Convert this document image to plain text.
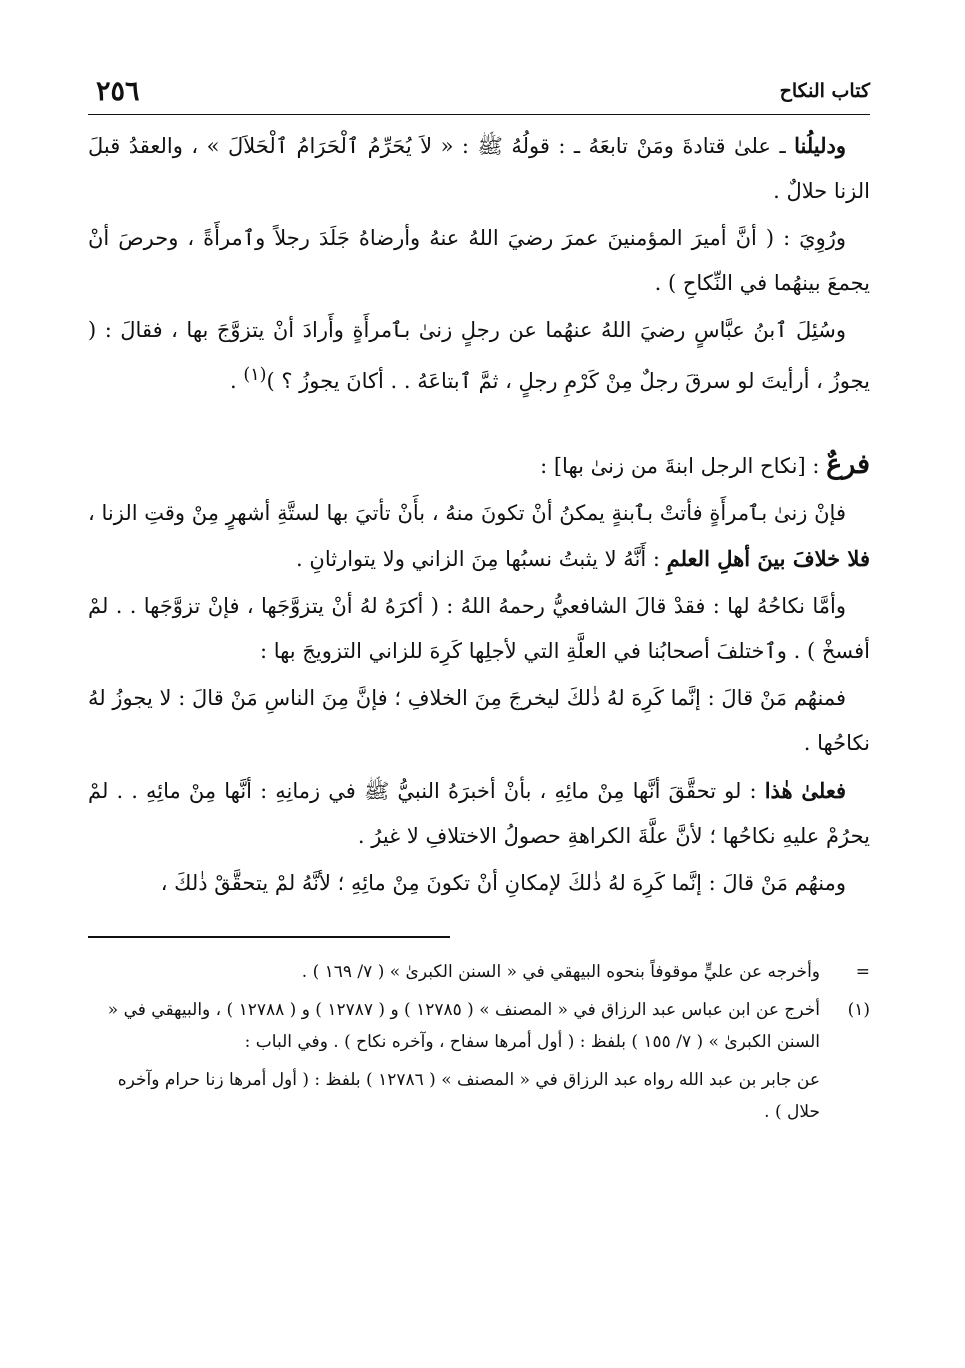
كتاب النكاح
٢٥٦

ودليلُنا ـ علىٰ قتادةَ ومَنْ تابعَهُ ـ : قولُهُ ﷺ : « لاَ يُحَرِّمُ ٱلْحَرَامُ ٱلْحَلاَلَ » ، والعقدُ قبلَ الزنا حلالٌ .

ورُوِيَ : ( أنَّ أميرَ المؤمنينَ عمرَ رضيَ اللهُ عنهُ وأرضاهُ جَلَدَ رجلاً وٱمرأَةً ، وحرصَ أنْ يجمعَ بينهُما في النِّكاحِ ) .

وسُئِلَ ٱبنُ عبَّاسٍ رضيَ اللهُ عنهُما عن رجلٍ زنىٰ بٱمرأَةٍ وأَرادَ أنْ يتزوَّجَ بها ، فقالَ : ( يجوزُ ، أرأيتَ لو سرقَ رجلٌ مِنْ كَرْمِ رجلٍ ، ثمَّ ٱبتاعَهُ . . أكانَ يجوزُ ؟ )$^{(١)}$ .

فرعٌ : [نكاح الرجل ابنةَ من زنىٰ بها] :

فإنْ زنىٰ بٱمرأَةٍ فأتتْ بٱبنةٍ يمكنُ أنْ تكونَ منهُ ، بأَنْ تأتيَ بها لستَّةِ أشهرٍ مِنْ وقتِ الزنا ، فلا خلافَ بينَ أهلِ العلمِ : أَنَّهُ لا يثبتُ نسبُها مِنَ الزاني ولا يتوارثانِ .

وأمَّا نكاحُهُ لها : فقدْ قالَ الشافعيُّ رحمهُ اللهُ : ( أكرَهُ لهُ أنْ يتزوَّجَها ، فإنْ تزوَّجَها . . لمْ أفسخْ ) . وٱختلفَ أصحابُنا في العلَّةِ التي لأجلِها كَرِهَ للزاني التزويجَ بها :

فمنهُم مَنْ قالَ : إنَّما كَرِهَ لهُ ذٰلكَ ليخرجَ مِنَ الخلافِ ؛ فإنَّ مِنَ الناسِ مَنْ قالَ : لا يجوزُ لهُ نكاحُها .

فعلىٰ هٰذا : لو تحقَّقَ أنَّها مِنْ مائِهِ ، بأنْ أخبرَهُ النبيُّ ﷺ في زمانِهِ : أنَّها مِنْ مائِهِ . . لمْ يحرُمْ عليهِ نكاحُها ؛ لأنَّ علَّةَ الكراهةِ حصولُ الاختلافِ لا غيرُ .

ومنهُم مَنْ قالَ : إنَّما كَرِهَ لهُ ذٰلكَ لإمكانِ أنْ تكونَ مِنْ مائِهِ ؛ لأنَّهُ لمْ يتحقَّقْ ذٰلكَ ،

=

وأخرجه عن عليٍّ موقوفاً بنحوه البيهقي في « السنن الكبرىٰ » ( ٧/ ١٦٩ ) .

(١)

أخرج عن ابن عباس عبد الرزاق في « المصنف » ( ١٢٧٨٥ ) و ( ١٢٧٨٧ ) و ( ١٢٧٨٨ ) ، والبيهقي في « السنن الكبرىٰ » ( ٧/ ١٥٥ ) بلفظ : ( أول أمرها سفاح ، وآخره نكاح ) . وفي الباب :

عن جابر بن عبد الله رواه عبد الرزاق في « المصنف » ( ١٢٧٨٦ ) بلفظ : ( أول أمرها زنا حرام وآخره حلال ) .
